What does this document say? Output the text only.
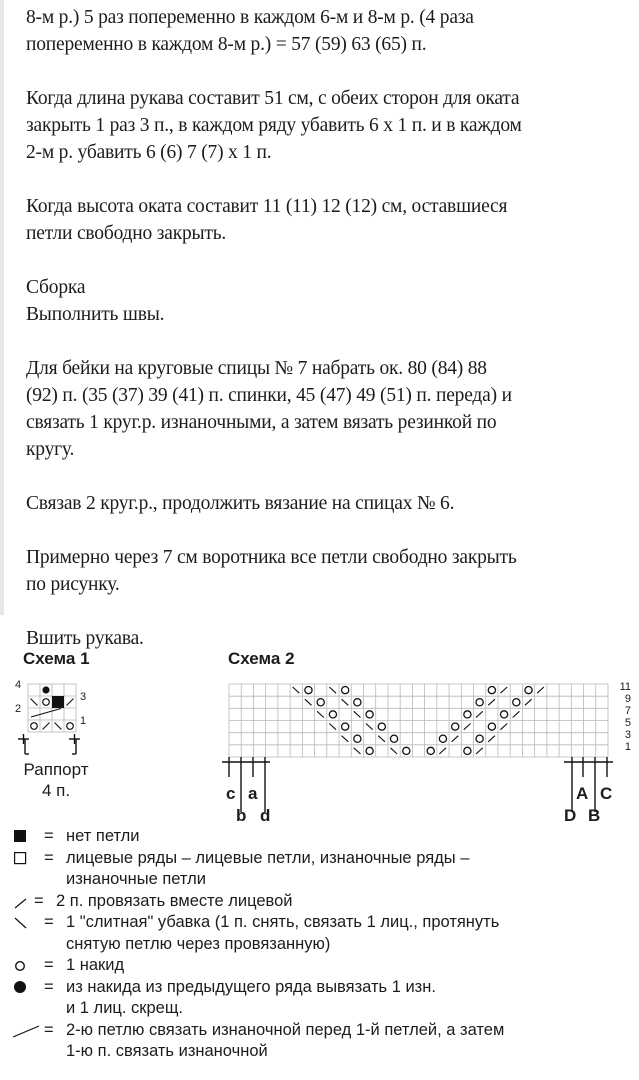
8-м р.) 5 раз попеременно в каждом 6-м и 8-м р. (4 раза
попеременно в каждом 8-м р.) = 57 (59) 63 (65) п.

Когда длина рукава составит 51 см, с обеих сторон для оката
закрыть 1 раз 3 п., в каждом ряду убавить 6 х 1 п. и в каждом
2-м р. убавить 6 (6) 7 (7) х 1 п.

Когда высота оката составит 11 (11) 12 (12) см, оставшиеся
петли свободно закрыть.

Сборка
Выполнить швы.

Для бейки на круговые спицы № 7 набрать ок. 80 (84) 88
(92) п. (35 (37) 39 (41) п. спинки, 45 (47) 49 (51) п. переда) и
связать 1 круг.р. изнаночными, а затем вязать резинкой по
кругу.

Связав 2 круг.р., продолжить вязание на спицах № 6.

Примерно через 7 см воротника все петли свободно закрыть
по рисунку.

Вшить рукава.

Схема 1
4
3
2
1
Раппорт
4 п.
Схема 2
11
9
7
5
3
1
c a
b d
A C
D B
= нет петли
= лицевые ряды – лицевые петли, изнаночные ряды –
изнаночные петли
= 2 п. провязать вместе лицевой
= 1 "слитная" убавка (1 п. снять, связать 1 лиц., протянуть
снятую петлю через провязанную)
= 1 накид
= из накида из предыдущего ряда вывязать 1 изн.
и 1 лиц. скрещ.
= 2-ю петлю связать изнаночной перед 1-й петлей, а затем
1-ю п. связать изнаночной
